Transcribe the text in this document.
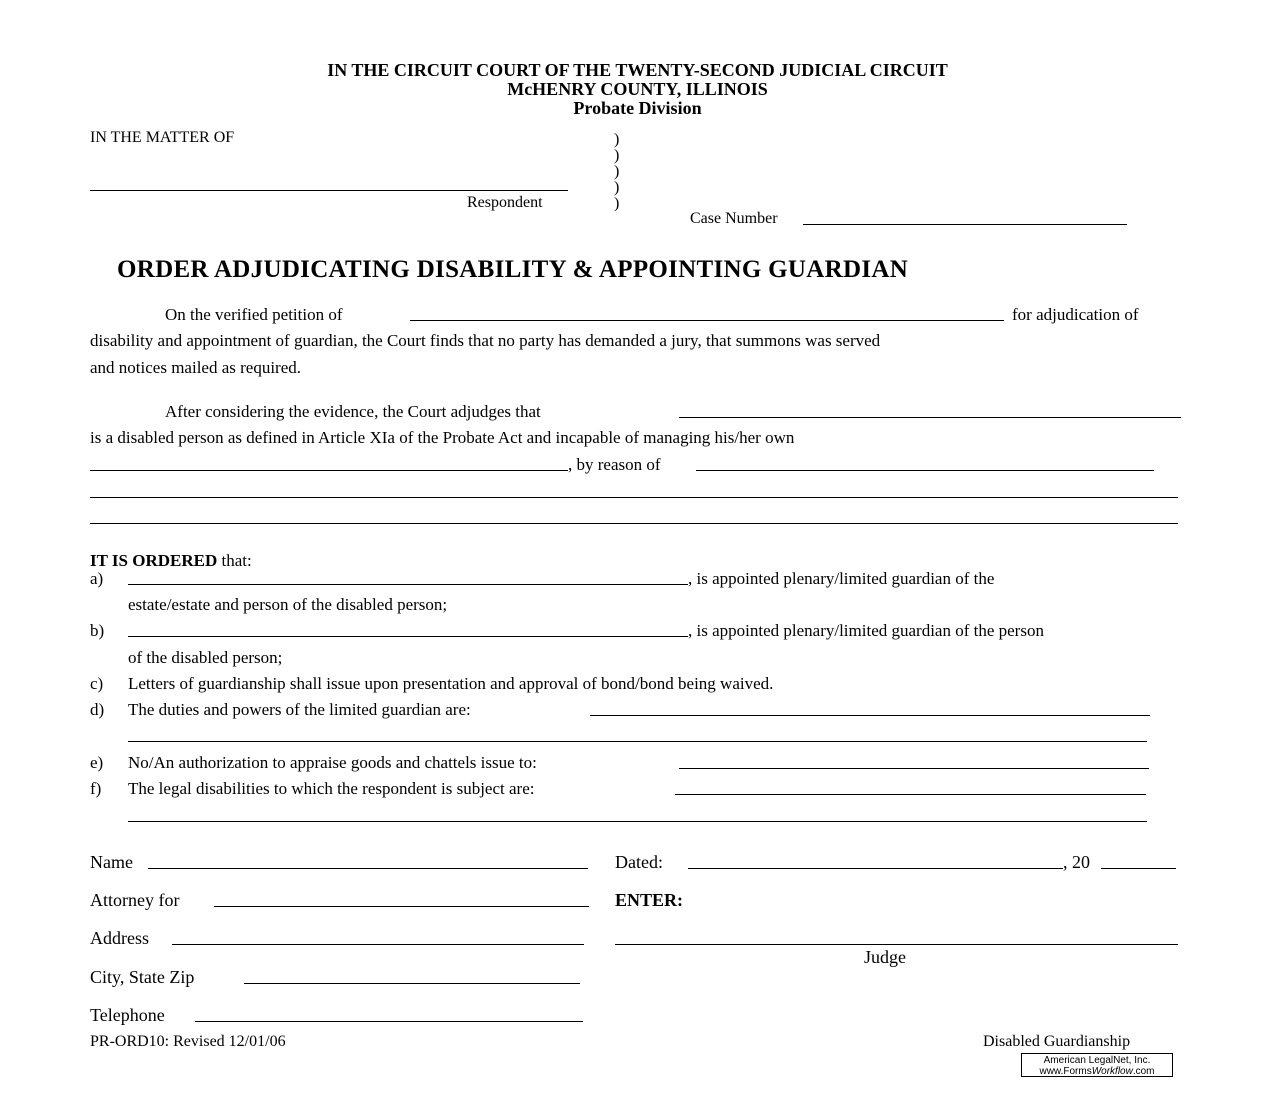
IN THE CIRCUIT COURT OF THE TWENTY-SECOND JUDICIAL CIRCUIT
McHENRY COUNTY, ILLINOIS
Probate Division
IN THE MATTER OF	)
)
)
)
)
Respondent
Case Number
ORDER ADJUDICATING DISABILITY & APPOINTING GUARDIAN
On the verified petition of	for adjudication of
disability and appointment of guardian, the Court finds that no party has demanded a jury, that summons was served
and notices mailed as required.
After considering the evidence, the Court adjudges that
is a disabled person as defined in Article XIa of the Probate Act and incapable of managing his/her own
, by reason of
IT IS ORDERED that:
a)	, is appointed plenary/limited guardian of the
estate/estate and person of the disabled person;
b)	, is appointed plenary/limited guardian of the person
of the disabled person;
c) Letters of guardianship shall issue upon presentation and approval of bond/bond being waived.
d) The duties and powers of the limited guardian are:
e) No/An authorization to appraise goods and chattels issue to:
f) The legal disabilities to which the respondent is subject are:
Name
Attorney for
Address
City, State Zip
Telephone
Dated:	, 20
ENTER:
Judge
PR-ORD10: Revised 12/01/06	Disabled Guardianship
American LegalNet, Inc.
www.FormsWorkflow.com
